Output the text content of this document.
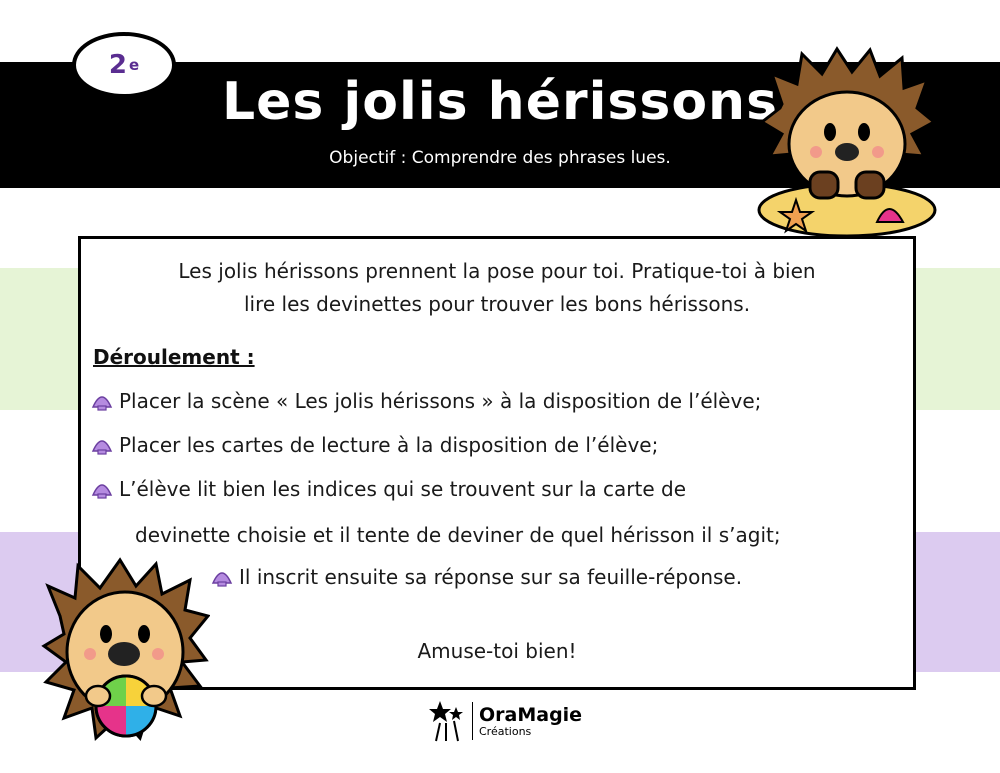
2 e
Les jolis hérissons
Objectif : Comprendre des phrases lues.
Les jolis hérissons prennent la pose pour toi. Pratique-toi à bien
lire les devinettes pour trouver les bons hérissons.
Déroulement :
Placer la scène « Les jolis hérissons » à la disposition de l’élève;
Placer les cartes de lecture à la disposition de l’élève;
L’élève lit bien les indices qui se trouvent sur la carte de
devinette choisie et il tente de deviner de quel hérisson il s’agit;
Il inscrit ensuite sa réponse sur sa feuille-réponse.
Amuse-toi bien!
OraMagie
Créations
